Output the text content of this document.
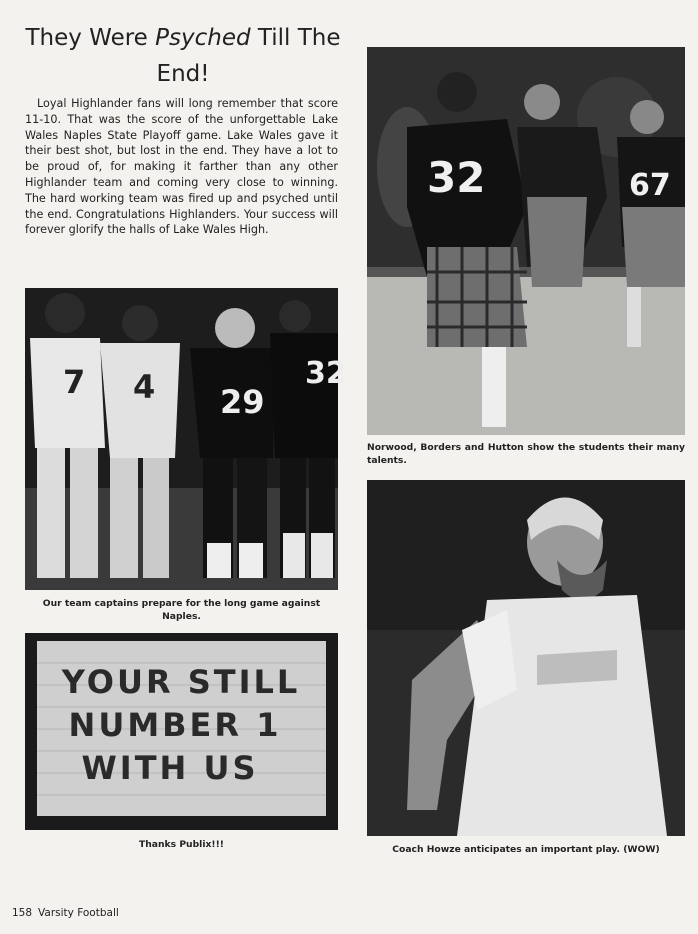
They Were Psyched Till The End!

Loyal Highlander fans will long remember that score 11-10. That was the score of the unforgettable Lake Wales Naples State Playoff game. Lake Wales gave it their best shot, but lost in the end. They have a lot to be proud of, for making it farther than any other Highlander team and coming very close to winning. The hard working team was fired up and psyched until the end. Congratulations Highlanders. Your success will forever glorify the halls of Lake Wales High.

32	67

Norwood, Borders and Hutton show the students their many talents.

7 4 29
32

Our team captains prepare for the long game against Naples.

YOUR STILL
NUMBER 1
WITH US

Thanks Publix!!!	Coach Howze anticipates an important play. (WOW)

158 Varsity Football
